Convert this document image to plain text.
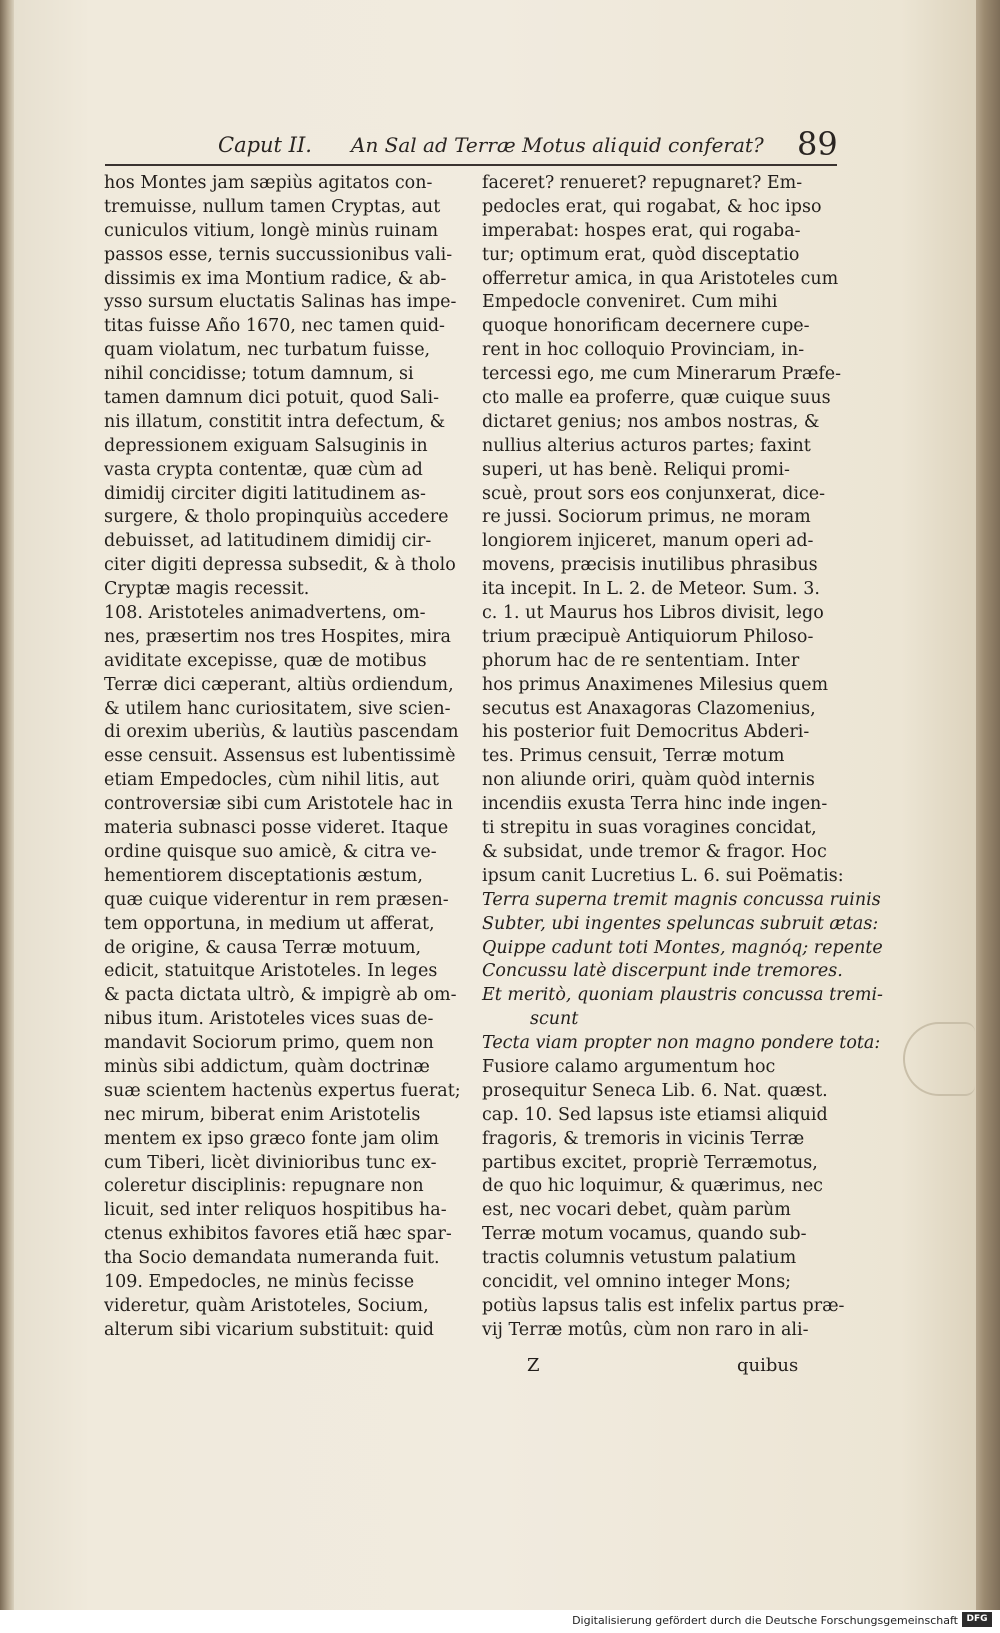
Caput II. An Sal ad Terræ Motus aliquid conferat? 89
hos Montes jam sæpiùs agitatos con-
tremuisse, nullum tamen Cryptas, aut
cuniculos vitium, longè minùs ruinam
passos esse, ternis succussionibus vali-
dissimis ex ima Montium radice, & ab-
ysso sursum eluctatis Salinas has impe-
titas fuisse Año 1670, nec tamen quid-
quam violatum, nec turbatum fuisse,
nihil concidisse; totum damnum, si
tamen damnum dici potuit, quod Sali-
nis illatum, constitit intra defectum, &
depressionem exiguam Salsuginis in
vasta crypta contentæ, quæ cùm ad
dimidij circiter digiti latitudinem as-
surgere, & tholo propinquiùs accedere
debuisset, ad latitudinem dimidij cir-
citer digiti depressa subsedit, & à tholo
Cryptæ magis recessit.
108. Aristoteles animadvertens, om-
nes, præsertim nos tres Hospites, mira
aviditate excepisse, quæ de motibus
Terræ dici cæperant, altiùs ordiendum,
& utilem hanc curiositatem, sive scien-
di orexim uberiùs, & lautiùs pascendam
esse censuit. Assensus est lubentissimè
etiam Empedocles, cùm nihil litis, aut
controversiæ sibi cum Aristotele hac in
materia subnasci posse videret. Itaque
ordine quisque suo amicè, & citra ve-
hementiorem disceptationis æstum,
quæ cuique viderentur in rem præsen-
tem opportuna, in medium ut afferat,
de origine, & causa Terræ motuum,
edicit, statuitque Aristoteles. In leges
& pacta dictata ultrò, & impigrè ab om-
nibus itum. Aristoteles vices suas de-
mandavit Sociorum primo, quem non
minùs sibi addictum, quàm doctrinæ
suæ scientem hactenùs expertus fuerat;
nec mirum, biberat enim Aristotelis
mentem ex ipso græco fonte jam olim
cum Tiberi, licèt divinioribus tunc ex-
coleretur disciplinis: repugnare non
licuit, sed inter reliquos hospitibus ha-
ctenus exhibitos favores etiã hæc spar-
tha Socio demandata numeranda fuit.
109. Empedocles, ne minùs fecisse
videretur, quàm Aristoteles, Socium,
alterum sibi vicarium substituit: quid
faceret? renueret? repugnaret? Em-
pedocles erat, qui rogabat, & hoc ipso
imperabat: hospes erat, qui rogaba-
tur; optimum erat, quòd disceptatio
offerretur amica, in qua Aristoteles cum
Empedocle conveniret. Cum mihi
quoque honorificam decernere cupe-
rent in hoc colloquio Provinciam, in-
tercessi ego, me cum Minerarum Præfe-
cto malle ea proferre, quæ cuique suus
dictaret genius; nos ambos nostras, &
nullius alterius acturos partes; faxint
superi, ut has benè. Reliqui promi-
scuè, prout sors eos conjunxerat, dice-
re jussi. Sociorum primus, ne moram
longiorem injiceret, manum operi ad-
movens, præcisis inutilibus phrasibus
ita incepit. In L. 2. de Meteor. Sum. 3.
c. 1. ut Maurus hos Libros divisit, lego
trium præcipuè Antiquiorum Philoso-
phorum hac de re sententiam. Inter
hos primus Anaximenes Milesius quem
secutus est Anaxagoras Clazomenius,
his posterior fuit Democritus Abderi-
tes. Primus censuit, Terræ motum
non aliunde oriri, quàm quòd internis
incendiis exusta Terra hinc inde ingen-
ti strepitu in suas voragines concidat,
& subsidat, unde tremor & fragor. Hoc
ipsum canit Lucretius L. 6. sui Poëmatis:
Terra superna tremit magnis concussa ruinis
Subter, ubi ingentes speluncas subruit ætas:
Quippe cadunt toti Montes, magnóq; repente
Concussu latè discerpunt inde tremores.
Et meritò, quoniam plaustris concussa tremi-
scunt
Tecta viam propter non magno pondere tota:
Fusiore calamo argumentum hoc
prosequitur Seneca Lib. 6. Nat. quæst.
cap. 10. Sed lapsus iste etiamsi aliquid
fragoris, & tremoris in vicinis Terræ
partibus excitet, propriè Terræmotus,
de quo hic loquimur, & quærimus, nec
est, nec vocari debet, quàm parùm
Terræ motum vocamus, quando sub-
tractis columnis vetustum palatium
concidit, vel omnino integer Mons;
potiùs lapsus talis est infelix partus præ-
vij Terræ motûs, cùm non raro in ali-
Z	quibus
Digitalisierung gefördert durch die Deutsche Forschungsgemeinschaft DFG
